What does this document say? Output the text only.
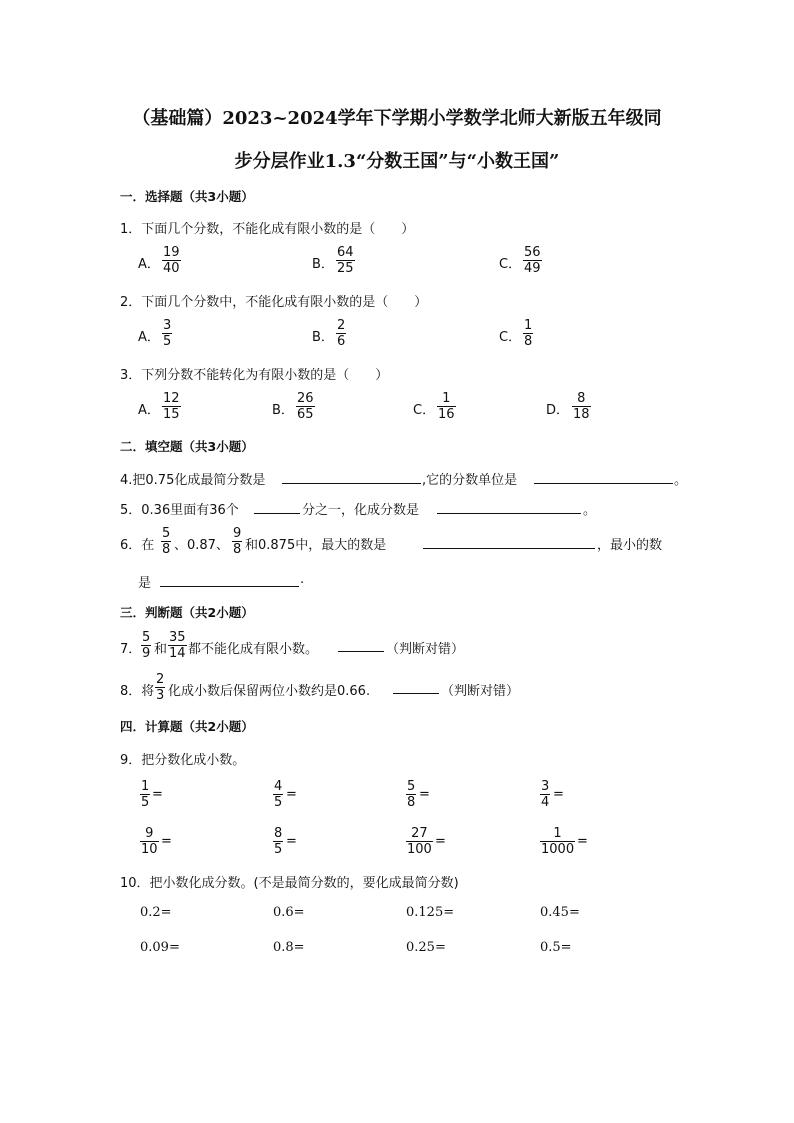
（基础篇）2023~2024学年下学期小学数学北师大新版五年级同
步分层作业1.3“分数王国”与“小数王国”
一．选择题（共3小题）
1．下面几个分数，不能化成有限小数的是（　　）
A． $\frac{19}{40}$	B． $\frac{64}{25}$	C． $\frac{56}{49}$
2．下面几个分数中，不能化成有限小数的是（　　）
A． $\frac{3}{5}$	B． $\frac{2}{6}$	C． $\frac{1}{8}$
3．下列分数不能转化为有限小数的是（　　）
A． $\frac{12}{15}$	B． $\frac{26}{65}$	C． $\frac{1}{16}$	D． $\frac{8}{18}$
二．填空题（共3小题）
4.把0.75化成最简分数是	,它的分数单位是	。
5．0.36里面有36个	分之一，化成分数是	。
6．在 $\frac{5}{8}$ 、0.87、 $\frac{9}{8}$ 和0.875中，最大的数是	，最小的数
是	.
三．判断题（共2小题）
7． $\frac{5}{9}$ 和 $\frac{35}{14}$ 都不能化成有限小数。	（判断对错）
8．将 $\frac{2}{3}$ 化成小数后保留两位小数约是0.66.	（判断对错）
四．计算题（共2小题）
9．把分数化成小数。
$\frac{1}{5}$ =	$\frac{4}{5}$ =	$\frac{5}{8}$ =	$\frac{3}{4}$ =
$\frac{9}{10}$ =	$\frac{8}{5}$ =	$\frac{27}{100}$ =	$\frac{1}{1000}$ =
10．把小数化成分数。(不是最简分数的，要化成最简分数)
0.2=	0.6=	0.125=	0.45=
0.09=	0.8=	0.25=	0.5=
